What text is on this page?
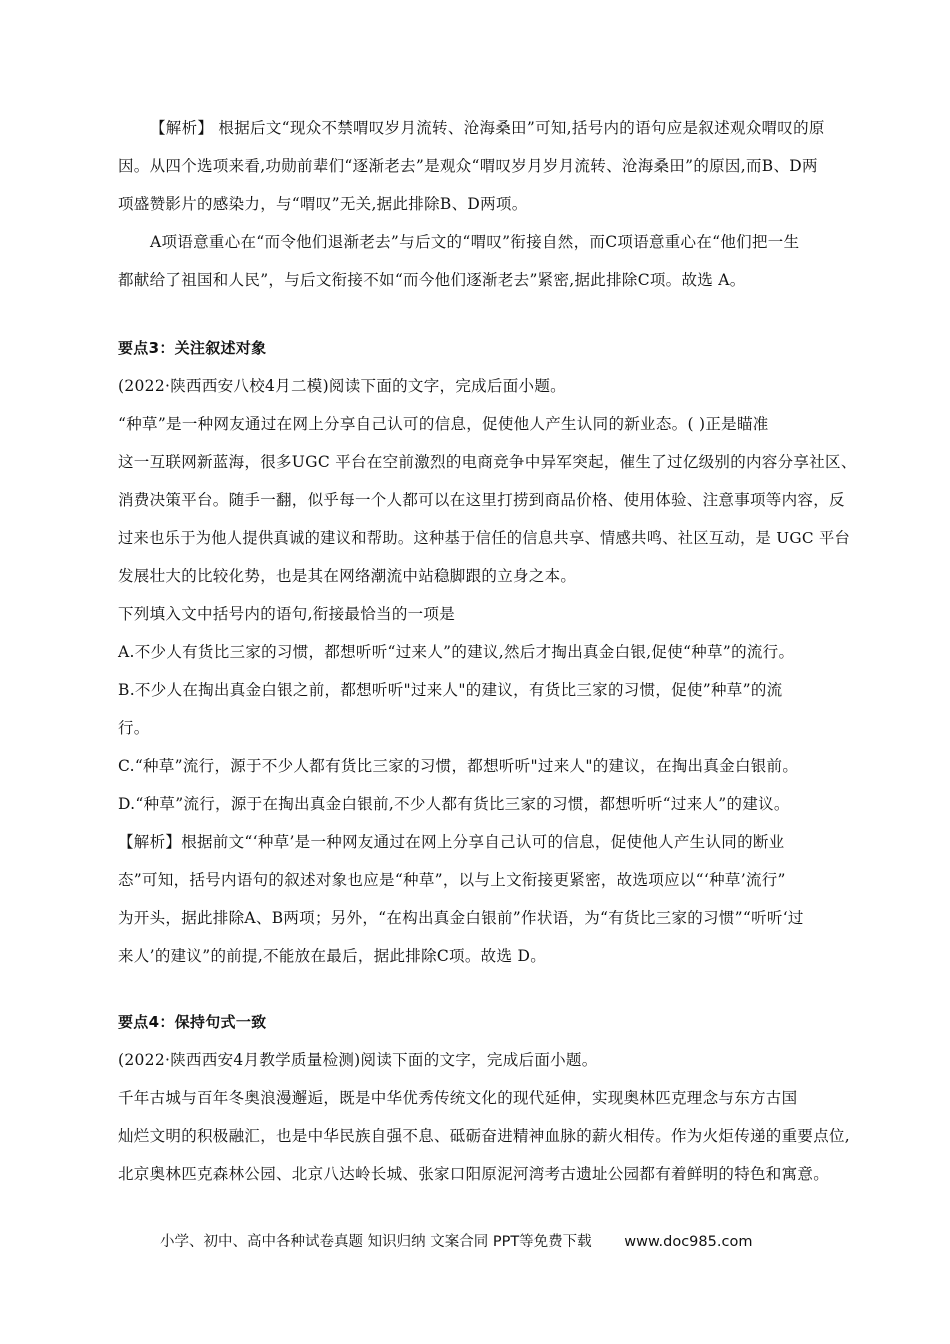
【解析】 根据后文“现众不禁喟叹岁月流转、沧海桑田”可知,括号内的语句应是叙述观众喟叹的原
因。从四个选项来看,功勋前辈们“逐渐老去”是观众“喟叹岁月岁月流转、沧海桑田”的原因,而B、D两
项盛赞影片的感染力，与“喟叹”无关,据此排除B、D两项。
A项语意重心在“而令他们退渐老去”与后文的“喟叹”衔接自然，而C项语意重心在“他们把一生
都献给了祖国和人民”，与后文衔接不如“而今他们逐渐老去”紧密,据此排除C项。故选 A。
要点3：关注叙述对象
(2022·陕西西安八校4月二模)阅读下面的文字，完成后面小题。
“种草”是一种网友通过在网上分享自己认可的信息，促使他人产生认同的新业态。( )正是瞄准
这一互联网新蓝海，很多UGC 平台在空前激烈的电商竞争中异军突起，催生了过亿级别的内容分享社区、
消费决策平台。随手一翻，似乎每一个人都可以在这里打捞到商品价格、使用体验、注意事项等内容，反
过来也乐于为他人提供真诚的建议和帮助。这种基于信任的信息共享、情感共鸣、社区互动，是 UGC 平台
发展壮大的比较化势，也是其在网络潮流中站稳脚跟的立身之本。
下列填入文中括号内的语句,衔接最恰当的一项是
A.不少人有货比三家的习惯，都想听听“过来人”的建议,然后才掏出真金白银,促使“种草”的流行。
B.不少人在掏出真金白银之前，都想听听"过来人"的建议，有货比三家的习惯，促使”种草”的流
行。
C.“种草”流行，源于不少人都有货比三家的习惯，都想听听"过来人"的建议，在掏出真金白银前。
D.“种草”流行，源于在掏出真金白银前,不少人都有货比三家的习惯，都想听听“过来人”的建议。
【解析】根据前文“‘种草’是一种网友通过在网上分享自己认可的信息，促使他人产生认同的断业
态”可知，括号内语句的叙述对象也应是“种草”，以与上文衔接更紧密，故选项应以“‘种草’流行”
为开头，据此排除A、B两项；另外，“在构出真金白银前”作状语，为“有货比三家的习惯”“听听‘过
来人’的建议”的前提,不能放在最后，据此排除C项。故选 D。
要点4：保持句式一致
(2022·陕西西安4月教学质量检测)阅读下面的文字，完成后面小题。
千年古城与百年冬奥浪漫邂逅，既是中华优秀传统文化的现代延伸，实现奥林匹克理念与东方古国
灿烂文明的积极融汇，也是中华民族自强不息、砥砺奋进精神血脉的薪火相传。作为火炬传递的重要点位,
北京奥林匹克森林公园、北京八达岭长城、张家口阳原泥河湾考古遗址公园都有着鲜明的特色和寓意。
小学、初中、高中各种试卷真题 知识归纳 文案合同 PPT等免费下载 www.doc985.com
